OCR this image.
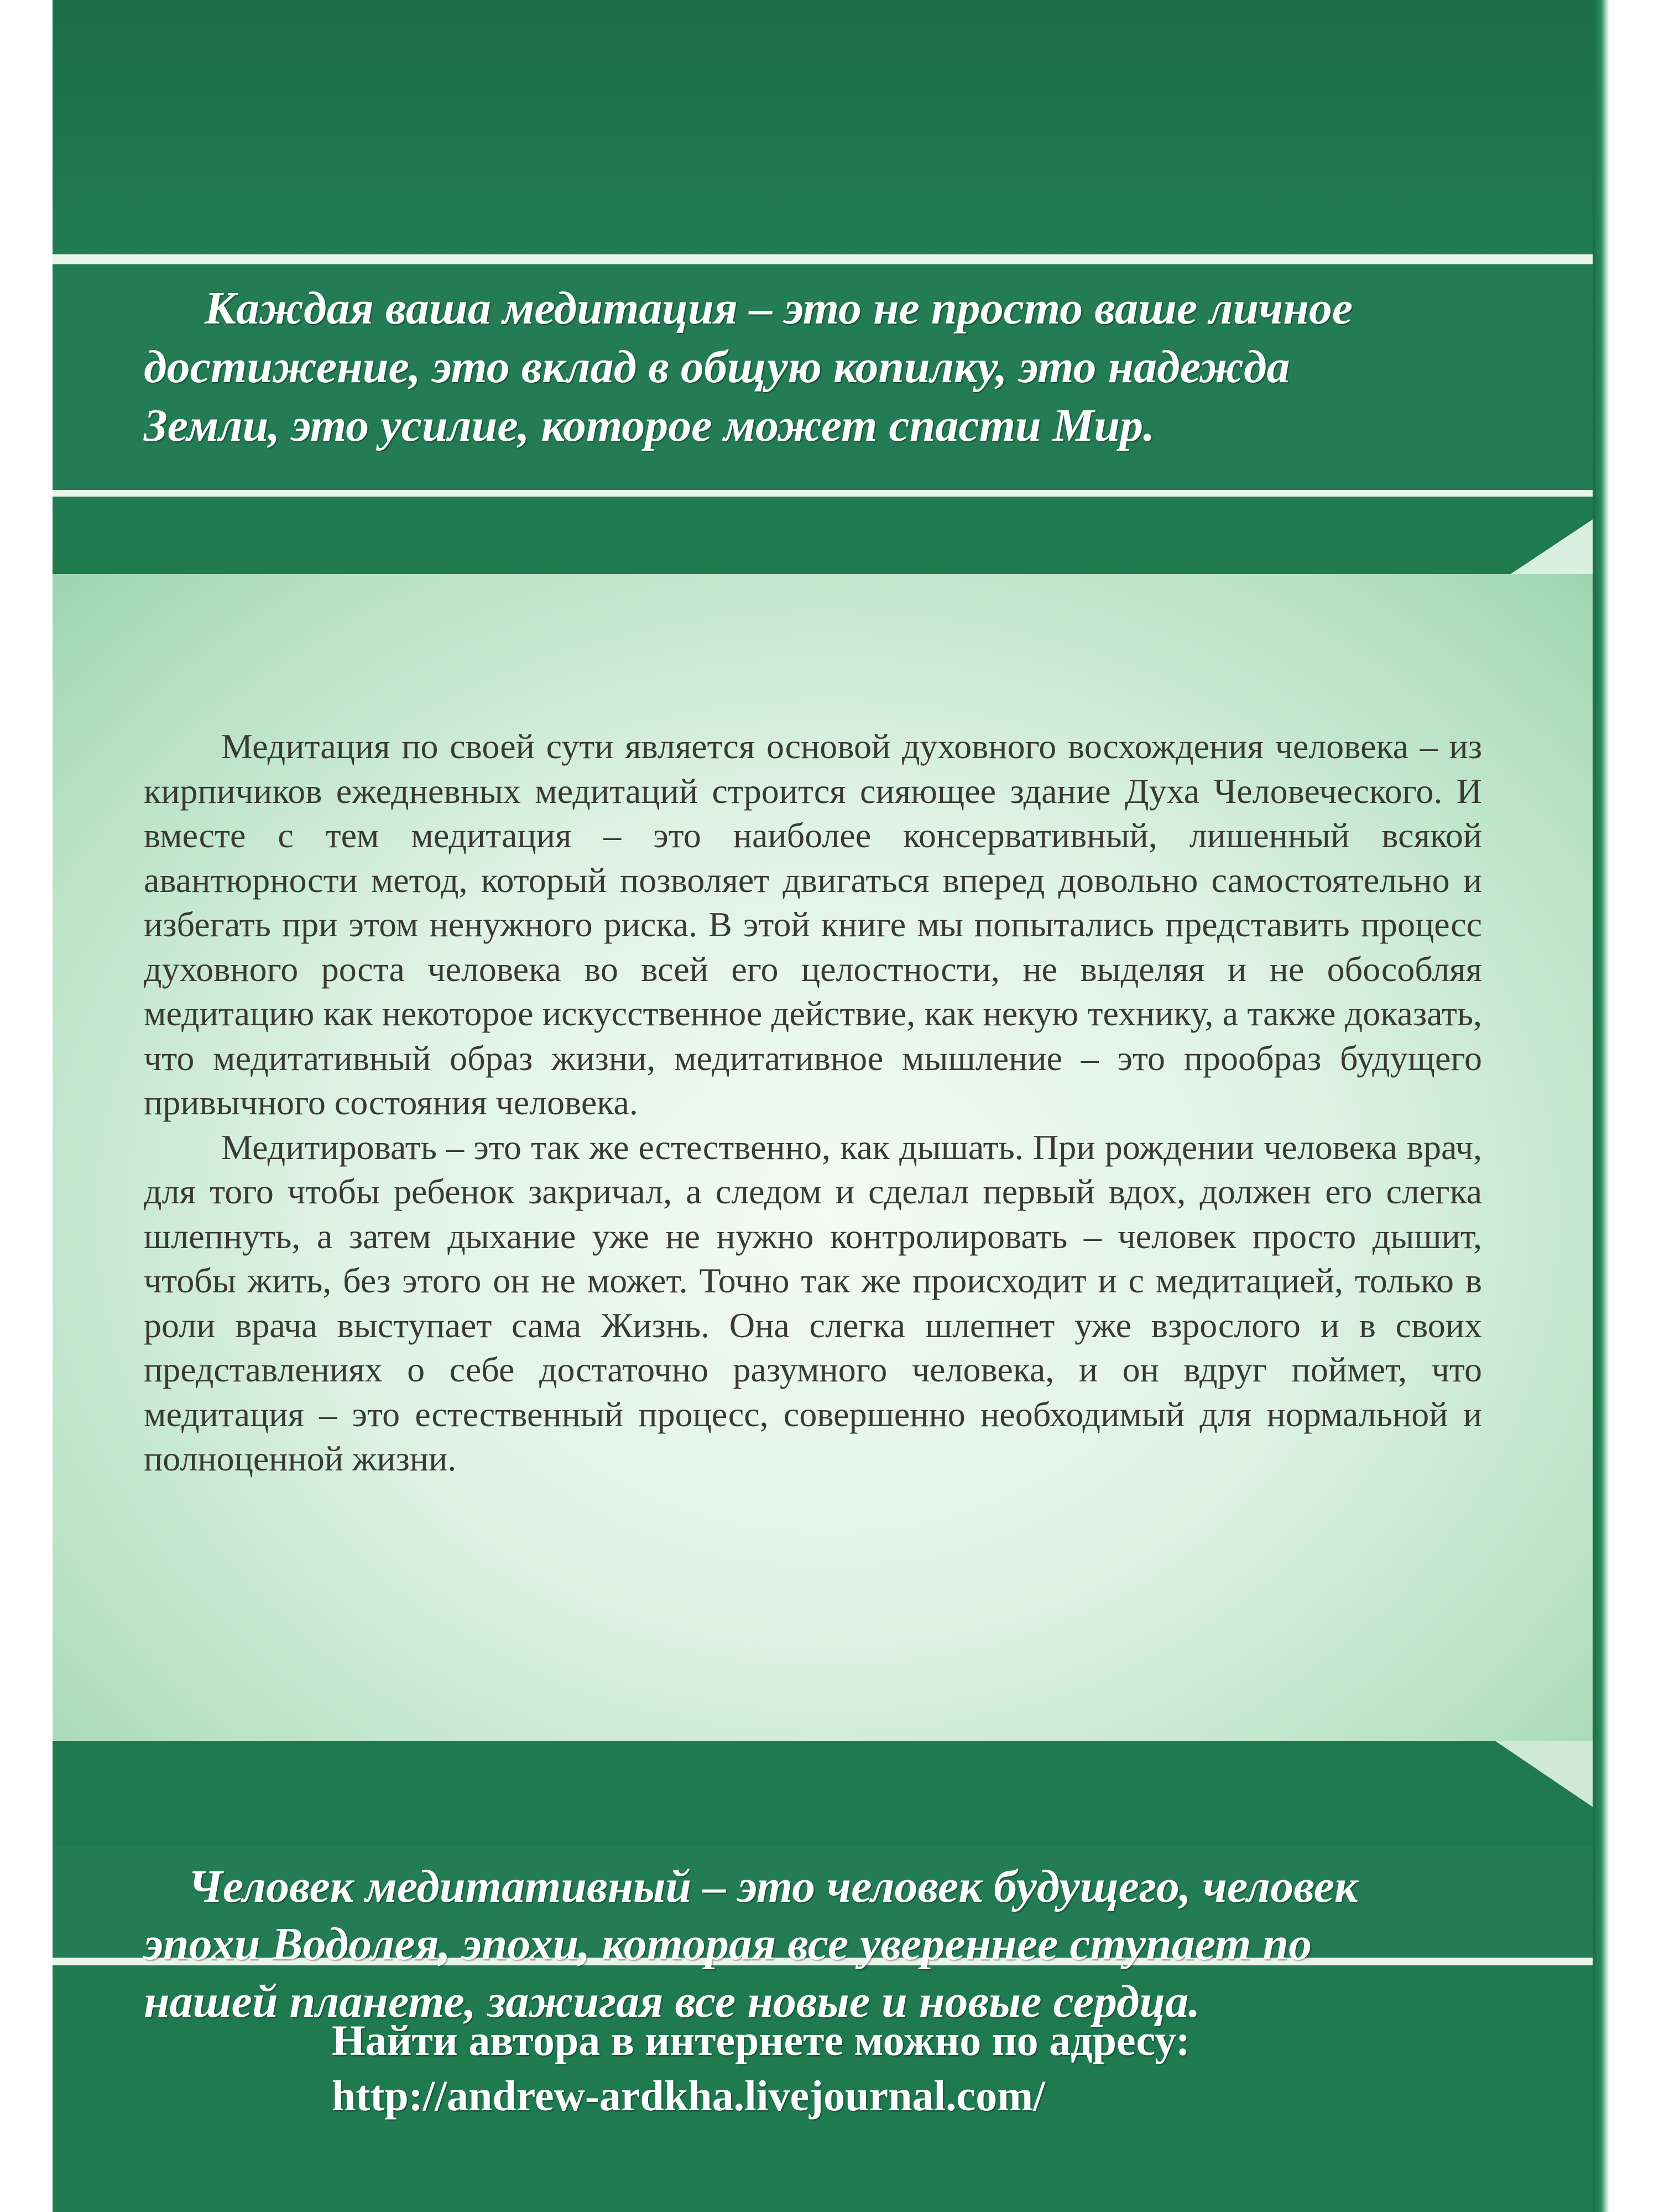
Каждая ваша медитация – это не просто ваше личное
достижение, это вклад в общую копилку, это надежда
Земли, это усилие, которое может спасти Мир.

Медитация по своей сути является основой духовного восхождения человека – из кирпичиков ежедневных медитаций строится сияющее здание Духа Человеческого. И вместе с тем медитация – это наиболее консервативный, лишенный всякой авантюрности метод, который позволяет двигаться вперед довольно самостоятельно и избегать при этом ненужного риска. В этой книге мы попытались представить процесс духовного роста человека во всей его целостности, не выделяя и не обособляя медитацию как некоторое искусственное действие, как некую технику, а также доказать, что медитативный образ жизни, медитативное мышление – это прообраз будущего привычного состояния человека.

Медитировать – это так же естественно, как дышать. При рождении человека врач, для того чтобы ребенок закричал, а следом и сделал первый вдох, должен его слегка шлепнуть, а затем дыхание уже не нужно контролировать – человек просто дышит, чтобы жить, без этого он не может. Точно так же происходит и с медитацией, только в роли врача выступает сама Жизнь. Она слегка шлепнет уже взрослого и в своих представлениях о себе достаточно разумного человека, и он вдруг поймет, что медитация – это естественный процесс, совершенно необходимый для нормальной и полноценной жизни.

Человек медитативный – это человек будущего, человек
эпохи Водолея, эпохи, которая все увереннее ступает по
нашей планете, зажигая все новые и новые сердца.
Найти автора в интернете можно по адресу:
http://andrew-ardkha.livejournal.com/
